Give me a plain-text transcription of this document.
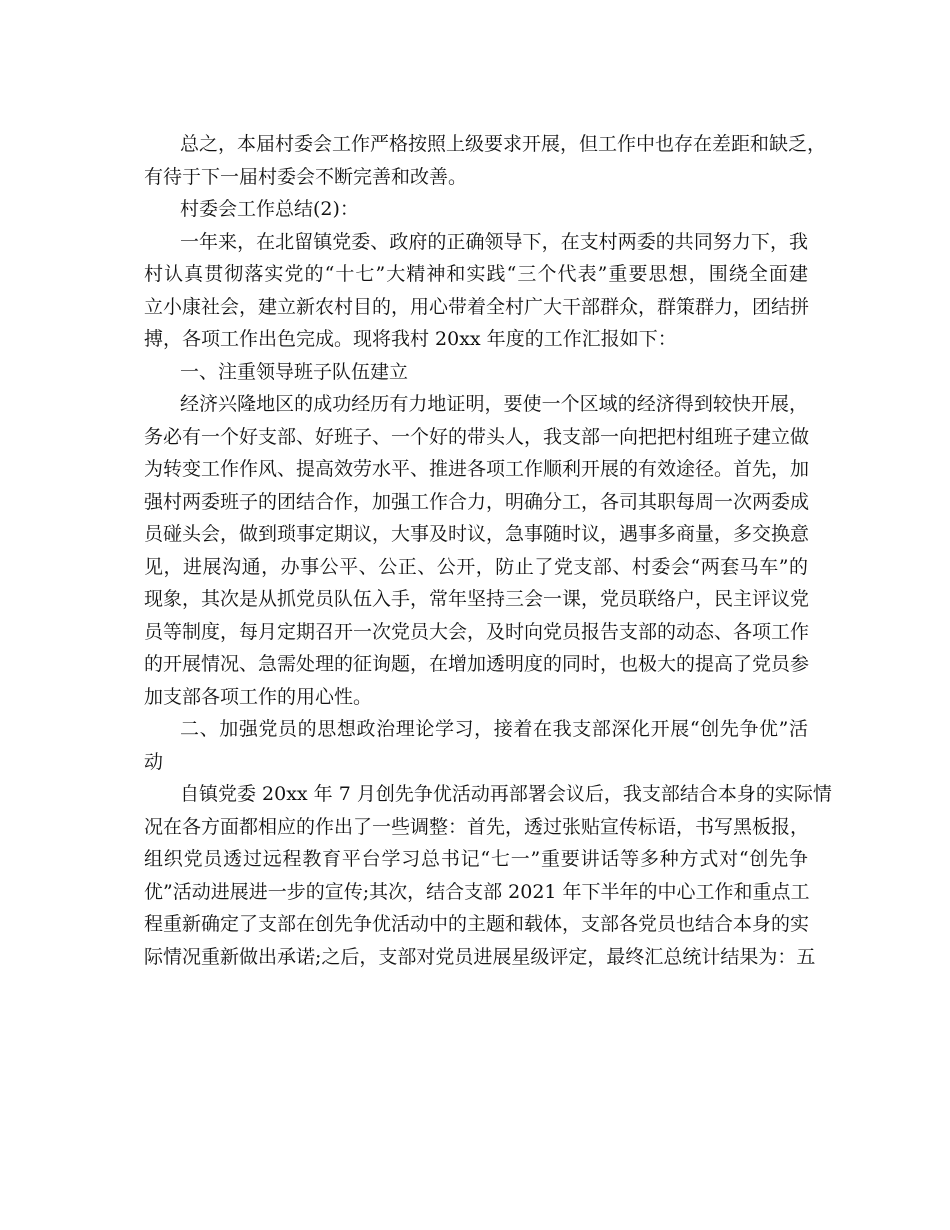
总之，本届村委会工作严格按照上级要求开展，但工作中也存在差距和缺乏，
有待于下一届村委会不断完善和改善。
村委会工作总结(2)：
一年来，在北留镇党委、政府的正确领导下，在支村两委的共同努力下，我
村认真贯彻落实党的“十七”大精神和实践“三个代表”重要思想，围绕全面建
立小康社会，建立新农村目的，用心带着全村广大干部群众，群策群力，团结拼
搏，各项工作出色完成。现将我村 20xx 年度的工作汇报如下：
一、注重领导班子队伍建立
经济兴隆地区的成功经历有力地证明，要使一个区域的经济得到较快开展，
务必有一个好支部、好班子、一个好的带头人，我支部一向把把村组班子建立做
为转变工作作风、提高效劳水平、推进各项工作顺利开展的有效途径。首先，加
强村两委班子的团结合作，加强工作合力，明确分工，各司其职每周一次两委成
员碰头会，做到琐事定期议，大事及时议，急事随时议，遇事多商量，多交换意
见，进展沟通，办事公平、公正、公开，防止了党支部、村委会“两套马车”的
现象，其次是从抓党员队伍入手，常年坚持三会一课，党员联络户，民主评议党
员等制度，每月定期召开一次党员大会，及时向党员报告支部的动态、各项工作
的开展情况、急需处理的征询题，在增加透明度的同时，也极大的提高了党员参
加支部各项工作的用心性。
二、加强党员的思想政治理论学习，接着在我支部深化开展“创先争优”活
动
自镇党委 20xx 年 7 月创先争优活动再部署会议后，我支部结合本身的实际情
况在各方面都相应的作出了一些调整：首先，透过张贴宣传标语，书写黑板报，
组织党员透过远程教育平台学习总书记“七一”重要讲话等多种方式对“创先争
优”活动进展进一步的宣传;其次，结合支部 2021 年下半年的中心工作和重点工
程重新确定了支部在创先争优活动中的主题和载体，支部各党员也结合本身的实
际情况重新做出承诺;之后，支部对党员进展星级评定，最终汇总统计结果为：五
